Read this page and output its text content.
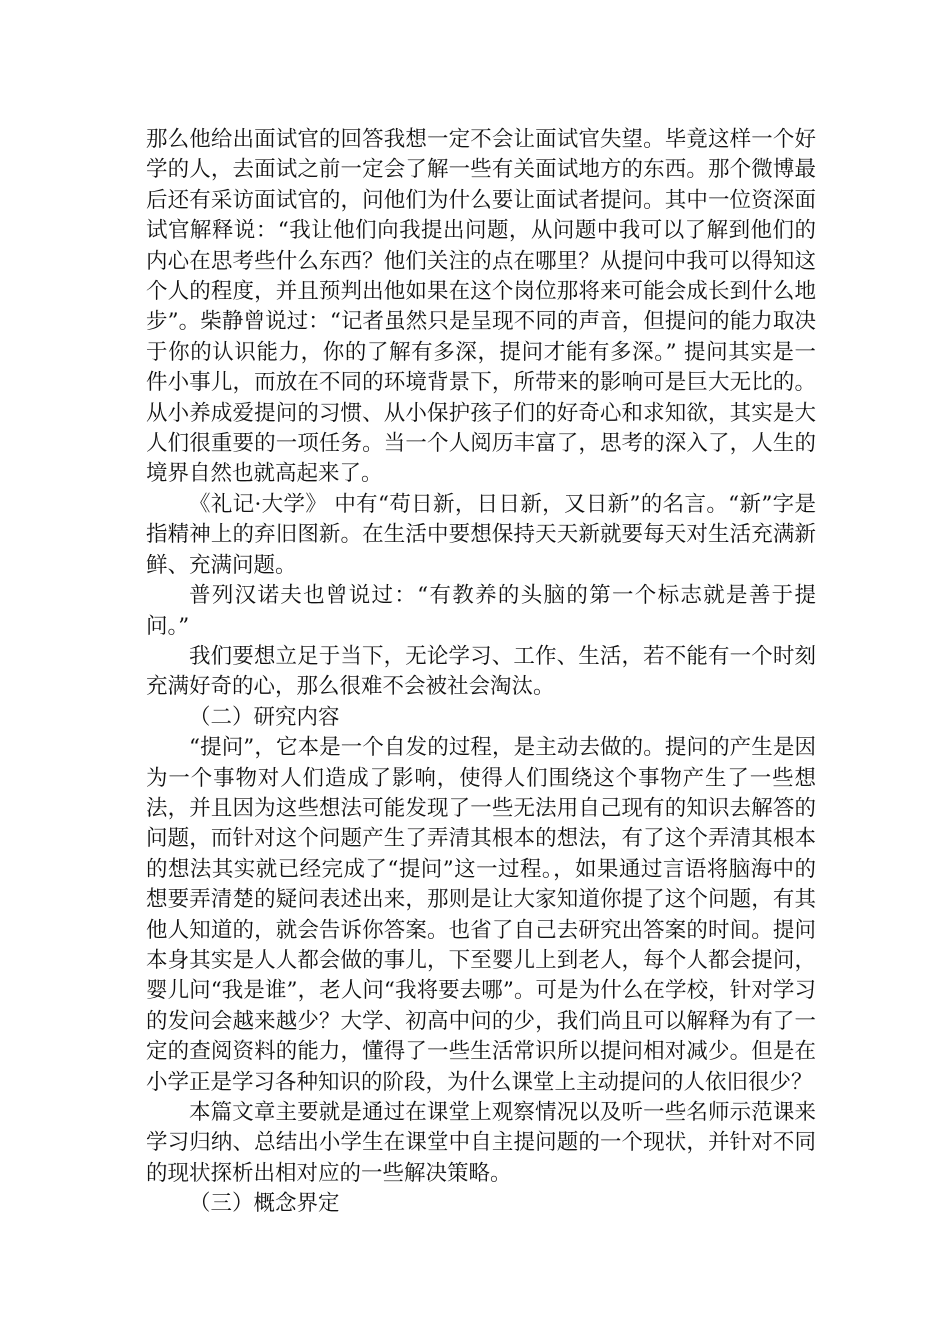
那么他给出面试官的回答我想一定不会让面试官失望。毕竟这样一个好学的人，去面试之前一定会了解一些有关面试地方的东西。那个微博最后还有采访面试官的，问他们为什么要让面试者提问。其中一位资深面试官解释说：“我让他们向我提出问题，从问题中我可以了解到他们的内心在思考些什么东西？他们关注的点在哪里？从提问中我可以得知这个人的程度，并且预判出他如果在这个岗位那将来可能会成长到什么地步”。柴静曾说过：“记者虽然只是呈现不同的声音，但提问的能力取决于你的认识能力，你的了解有多深，提问才能有多深。” 提问其实是一件小事儿，而放在不同的环境背景下，所带来的影响可是巨大无比的。从小养成爱提问的习惯、从小保护孩子们的好奇心和求知欲，其实是大人们很重要的一项任务。当一个人阅历丰富了，思考的深入了，人生的境界自然也就高起来了。

《礼记·大学》 中有“苟日新，日日新，又日新”的名言。“新”字是指精神上的弃旧图新。在生活中要想保持天天新就要每天对生活充满新鲜、充满问题。

普列汉诺夫也曾说过：“有教养的头脑的第一个标志就是善于提问。”

我们要想立足于当下，无论学习、工作、生活，若不能有一个时刻充满好奇的心，那么很难不会被社会淘汰。

（二）研究内容

“提问”，它本是一个自发的过程，是主动去做的。提问的产生是因为一个事物对人们造成了影响，使得人们围绕这个事物产生了一些想法，并且因为这些想法可能发现了一些无法用自己现有的知识去解答的问题，而针对这个问题产生了弄清其根本的想法，有了这个弄清其根本的想法其实就已经完成了“提问”这一过程。，如果通过言语将脑海中的想要弄清楚的疑问表述出来，那则是让大家知道你提了这个问题，有其他人知道的，就会告诉你答案。也省了自己去研究出答案的时间。提问本身其实是人人都会做的事儿，下至婴儿上到老人，每个人都会提问，婴儿问“我是谁”，老人问“我将要去哪”。可是为什么在学校，针对学习的发问会越来越少？大学、初高中问的少，我们尚且可以解释为有了一定的查阅资料的能力，懂得了一些生活常识所以提问相对减少。但是在小学正是学习各种知识的阶段，为什么课堂上主动提问的人依旧很少？

本篇文章主要就是通过在课堂上观察情况以及听一些名师示范课来学习归纳、总结出小学生在课堂中自主提问题的一个现状，并针对不同的现状探析出相对应的一些解决策略。

（三）概念界定
